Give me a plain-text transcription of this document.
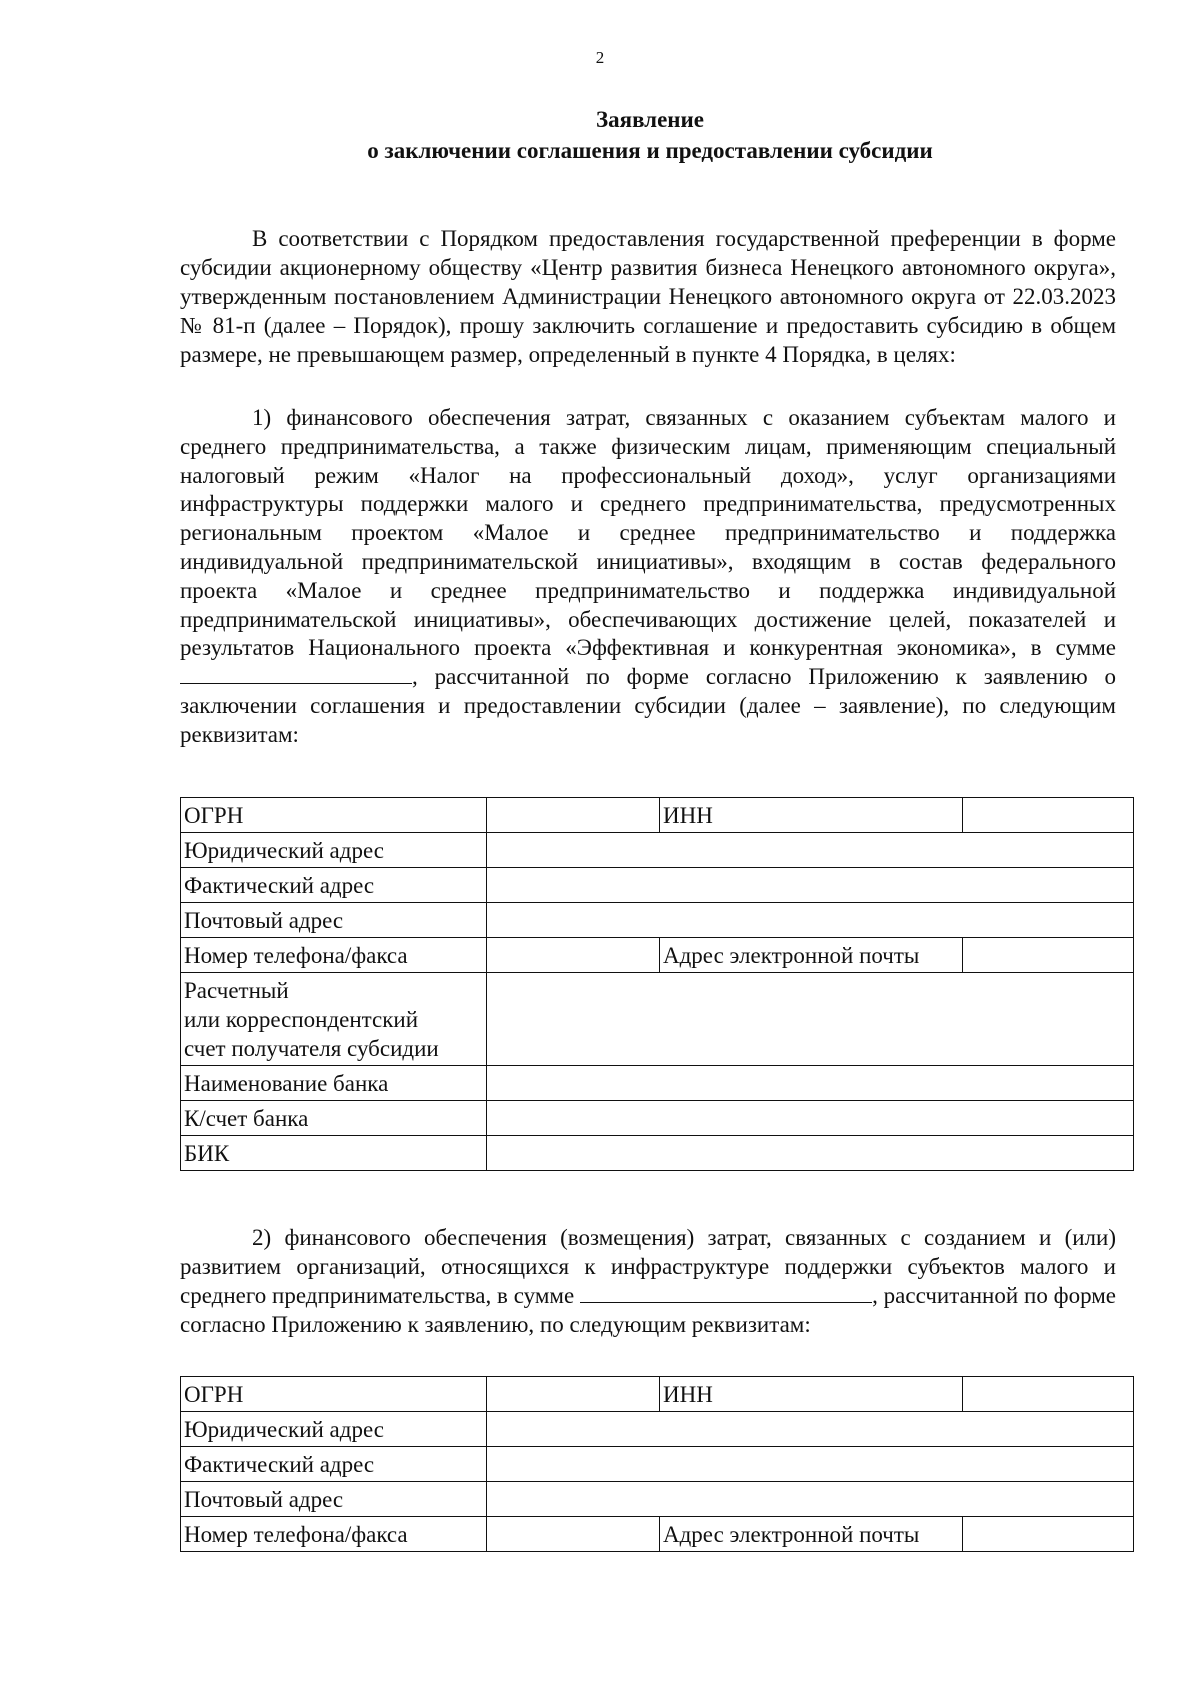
2
Заявление
о заключении соглашения и предоставлении субсидии

В соответствии с Порядком предоставления государственной преференции в форме субсидии акционерному обществу «Центр развития бизнеса Ненецкого автономного округа», утвержденным постановлением Администрации Ненецкого автономного округа от 22.03.2023 № 81-п (далее – Порядок), прошу заключить соглашение и предоставить субсидию в общем размере, не превышающем размер, определенный в пункте 4 Порядка, в целях:

1) финансового обеспечения затрат, связанных с оказанием субъектам малого и среднего предпринимательства, а также физическим лицам, применяющим специальный налоговый режим «Налог на профессиональный доход», услуг организациями инфраструктуры поддержки малого и среднего предпринимательства, предусмотренных региональным проектом «Малое и среднее предпринимательство и поддержка индивидуальной предпринимательской инициативы», входящим в состав федерального проекта «Малое и среднее предпринимательство и поддержка индивидуальной предпринимательской инициативы», обеспечивающих достижение целей, показателей и результатов Национального проекта «Эффективная и конкурентная экономика», в сумме , рассчитанной по форме согласно Приложению к заявлению о заключении соглашения и предоставлении субсидии (далее – заявление), по следующим реквизитам:

ОГРН		ИНН	
Юридический адрес			
Фактический адрес			
Почтовый адрес			
Номер телефона/факса		Адрес электронной почты	

Расчетный
или корреспондентский
счет получателя субсидии			

Наименование банка			
К/счет банка			
БИК			

2) финансового обеспечения (возмещения) затрат, связанных с созданием и (или) развитием организаций, относящихся к инфраструктуре поддержки субъектов малого и среднего предпринимательства, в сумме	, рассчитанной по форме согласно Приложению к заявлению, по следующим реквизитам:

ОГРН		ИНН	
Юридический адрес			
Фактический адрес			
Почтовый адрес			
Номер телефона/факса		Адрес электронной почты	
